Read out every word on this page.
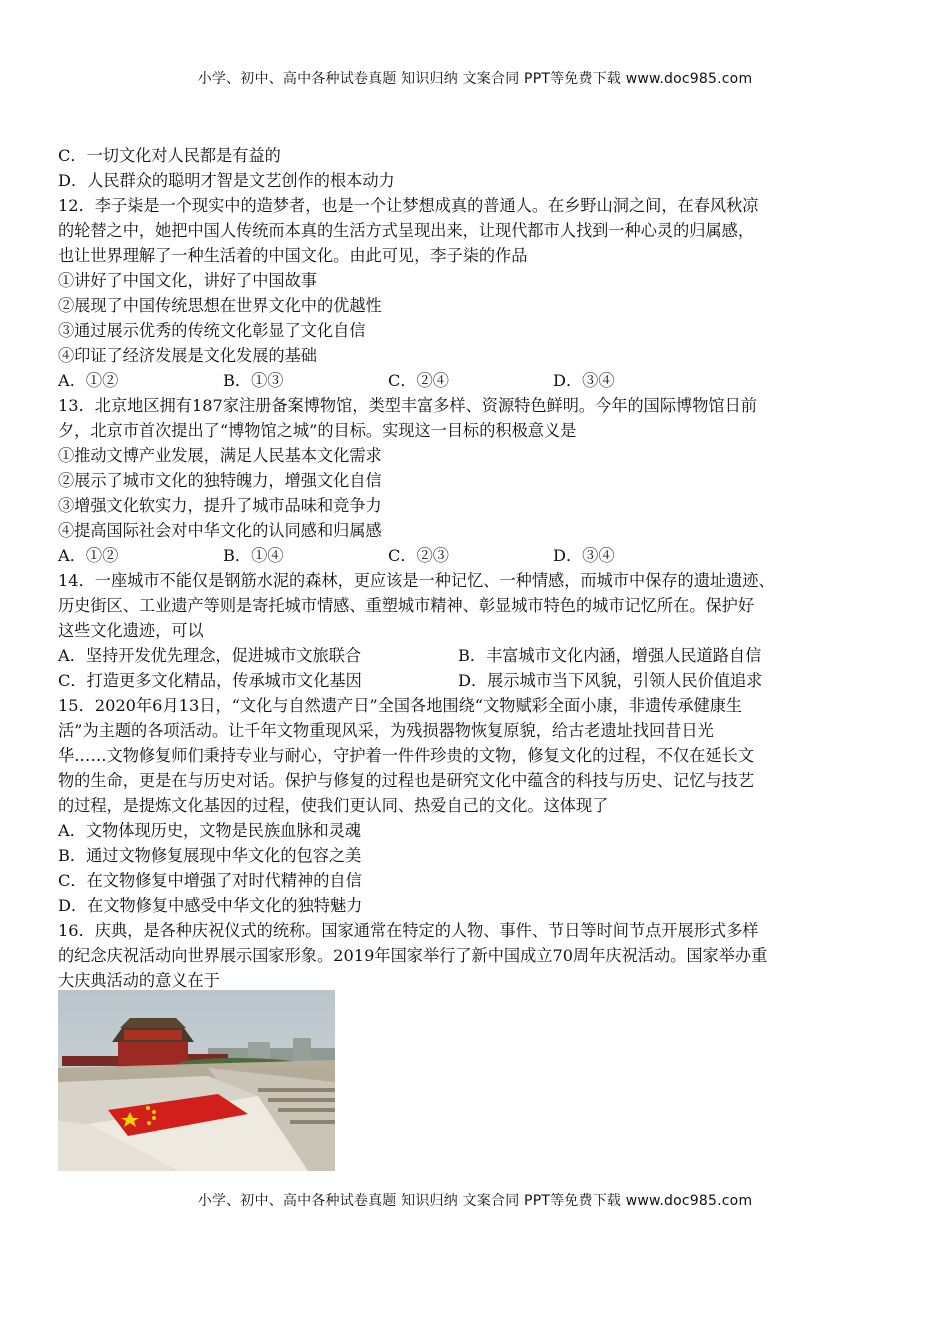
小学、初中、高中各种试卷真题 知识归纳 文案合同 PPT等免费下载 www.doc985.com
C．一切文化对人民都是有益的
D．人民群众的聪明才智是文艺创作的根本动力
12．李子柒是一个现实中的造梦者，也是一个让梦想成真的普通人。在乡野山洞之间，在春风秋凉
的轮替之中，她把中国人传统而本真的生活方式呈现出来，让现代都市人找到一种心灵的归属感，
也让世界理解了一种生活着的中国文化。由此可见，李子柒的作品
①讲好了中国文化，讲好了中国故事
②展现了中国传统思想在世界文化中的优越性
③通过展示优秀的传统文化彰显了文化自信
④印证了经济发展是文化发展的基础
A．①②	B．①③	C．②④	D．③④
13．北京地区拥有187家注册备案博物馆，类型丰富多样、资源特色鲜明。今年的国际博物馆日前
夕，北京市首次提出了“博物馆之城”的目标。实现这一目标的积极意义是
①推动文博产业发展，满足人民基本文化需求
②展示了城市文化的独特魄力，增强文化自信
③增强文化软实力，提升了城市品味和竞争力
④提高国际社会对中华文化的认同感和归属感
A．①②	B．①④	C．②③	D．③④
14．一座城市不能仅是钢筋水泥的森林，更应该是一种记忆、一种情感，而城市中保存的遗址遗迹、
历史街区、工业遗产等则是寄托城市情感、重塑城市精神、彰显城市特色的城市记忆所在。保护好
这些文化遗迹，可以
A．坚持开发优先理念，促进城市文旅联合	B．丰富城市文化内涵，增强人民道路自信
C．打造更多文化精品，传承城市文化基因	D．展示城市当下风貌，引领人民价值追求
15．2020年6月13日，“文化与自然遗产日”全国各地围绕“文物赋彩全面小康，非遗传承健康生
活”为主题的各项活动。让千年文物重现风采，为残损器物恢复原貌，给古老遗址找回昔日光
华……文物修复师们秉持专业与耐心，守护着一件件珍贵的文物，修复文化的过程，不仅在延长文
物的生命，更是在与历史对话。保护与修复的过程也是研究文化中蕴含的科技与历史、记忆与技艺
的过程，是提炼文化基因的过程，使我们更认同、热爱自己的文化。这体现了
A．文物体现历史，文物是民族血脉和灵魂
B．通过文物修复展现中华文化的包容之美
C．在文物修复中增强了对时代精神的自信
D．在文物修复中感受中华文化的独特魅力
16．庆典，是各种庆祝仪式的统称。国家通常在特定的人物、事件、节日等时间节点开展形式多样
的纪念庆祝活动向世界展示国家形象。2019年国家举行了新中国成立70周年庆祝活动。国家举办重
大庆典活动的意义在于
小学、初中、高中各种试卷真题 知识归纳 文案合同 PPT等免费下载 www.doc985.com
